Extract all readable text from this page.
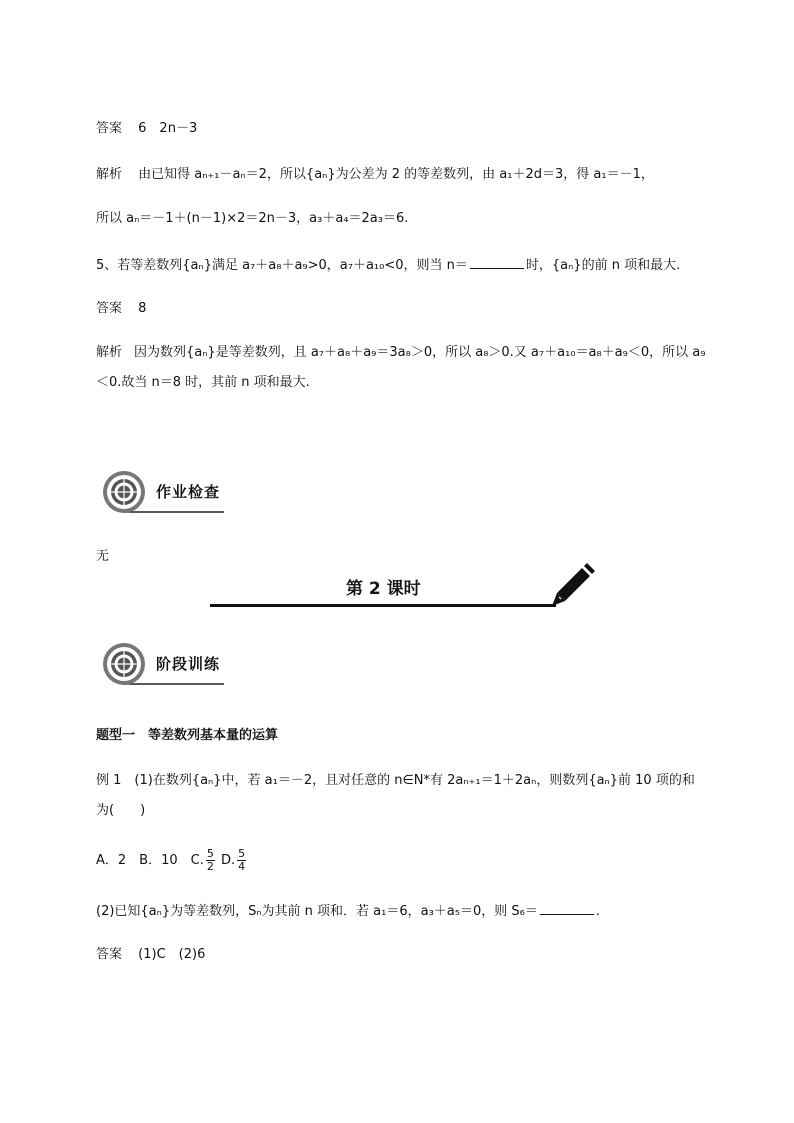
答案 6　2n－3
解析 由已知得 aₙ₊₁－aₙ＝2，所以{aₙ}为公差为 2 的等差数列，由 a₁＋2d＝3，得 a₁＝－1，
所以 aₙ＝－1＋(n－1)×2＝2n－3，a₃＋a₄＝2a₃＝6.
5、若等差数列{aₙ}满足 a₇＋a₈＋a₉>0，a₇＋a₁₀<0，则当 n＝	时，{aₙ}的前 n 项和最大.
答案 8
解析 因为数列{aₙ}是等差数列，且 a₇＋a₈＋a₉＝3a₈＞0，所以 a₈＞0.又 a₇＋a₁₀＝a₈＋a₉＜0，所以 a₉＜0.故当 n＝8 时，其前 n 项和最大.
作业检查
无
第 2 课时
阶段训练
题型一　等差数列基本量的运算
例 1　(1)在数列{aₙ}中，若 a₁＝－2，且对任意的 n∈N*有 2aₙ₊₁＝1＋2aₙ，则数列{aₙ}前 10 项的和为(　　)
A．2　B．10　C. $\frac{5}{2} D$. $\frac{5}{4}$
(2)已知{aₙ}为等差数列，Sₙ为其前 n 项和．若 a₁＝6，a₃＋a₅＝0，则 S₆＝	.
答案 (1)C　(2)6
